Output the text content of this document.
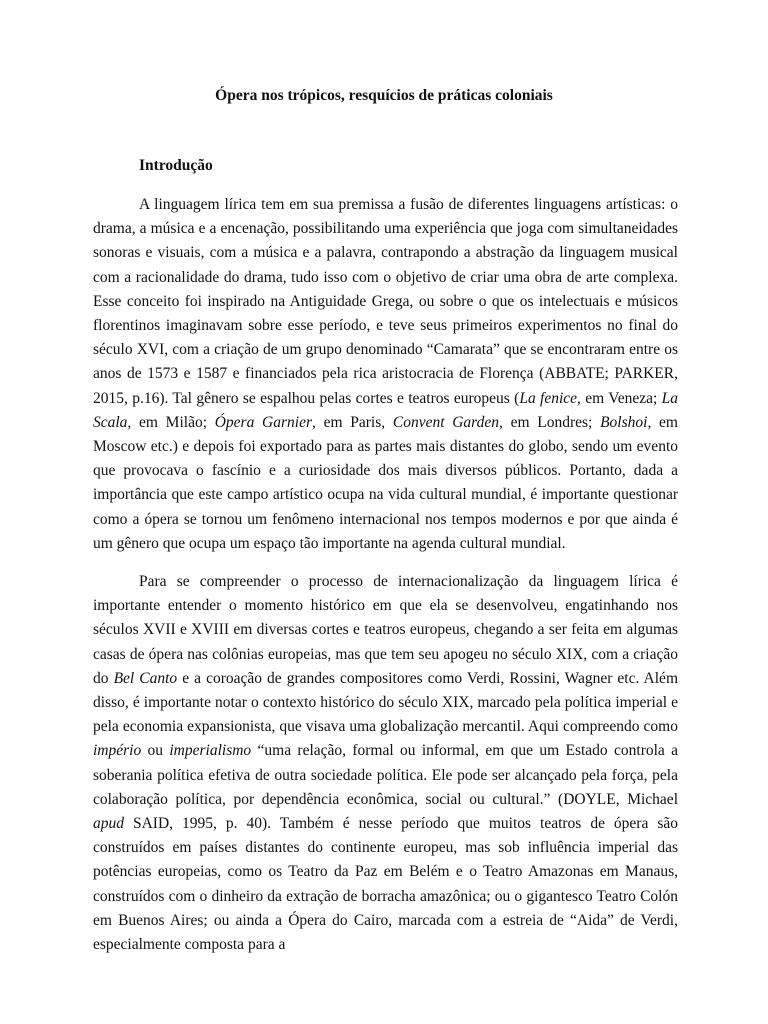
Ópera nos trópicos, resquícios de práticas coloniais

Introdução

A linguagem lírica tem em sua premissa a fusão de diferentes linguagens artísticas: o drama, a música e a encenação, possibilitando uma experiência que joga com simultaneidades sonoras e visuais, com a música e a palavra, contrapondo a abstração da linguagem musical com a racionalidade do drama, tudo isso com o objetivo de criar uma obra de arte complexa. Esse conceito foi inspirado na Antiguidade Grega, ou sobre o que os intelectuais e músicos florentinos imaginavam sobre esse período, e teve seus primeiros experimentos no final do século XVI, com a criação de um grupo denominado “Camarata” que se encontraram entre os anos de 1573 e 1587 e financiados pela rica aristocracia de Florença (ABBATE; PARKER, 2015, p.16). Tal gênero se espalhou pelas cortes e teatros europeus (La fenice, em Veneza; La Scala, em Milão; Ópera Garnier, em Paris, Convent Garden, em Londres; Bolshoi, em Moscow etc.) e depois foi exportado para as partes mais distantes do globo, sendo um evento que provocava o fascínio e a curiosidade dos mais diversos públicos. Portanto, dada a importância que este campo artístico ocupa na vida cultural mundial, é importante questionar como a ópera se tornou um fenômeno internacional nos tempos modernos e por que ainda é um gênero que ocupa um espaço tão importante na agenda cultural mundial.

Para se compreender o processo de internacionalização da linguagem lírica é importante entender o momento histórico em que ela se desenvolveu, engatinhando nos séculos XVII e XVIII em diversas cortes e teatros europeus, chegando a ser feita em algumas casas de ópera nas colônias europeias, mas que tem seu apogeu no século XIX, com a criação do Bel Canto e a coroação de grandes compositores como Verdi, Rossini, Wagner etc. Além disso, é importante notar o contexto histórico do século XIX, marcado pela política imperial e pela economia expansionista, que visava uma globalização mercantil. Aqui compreendo como império ou imperialismo “uma relação, formal ou informal, em que um Estado controla a soberania política efetiva de outra sociedade política. Ele pode ser alcançado pela força, pela colaboração política, por dependência econômica, social ou cultural.” (DOYLE, Michael apud SAID, 1995, p. 40). Também é nesse período que muitos teatros de ópera são construídos em países distantes do continente europeu, mas sob influência imperial das potências europeias, como os Teatro da Paz em Belém e o Teatro Amazonas em Manaus, construídos com o dinheiro da extração de borracha amazônica; ou o gigantesco Teatro Colón em Buenos Aires; ou ainda a Ópera do Cairo, marcada com a estreia de “Aida” de Verdi, especialmente composta para a
